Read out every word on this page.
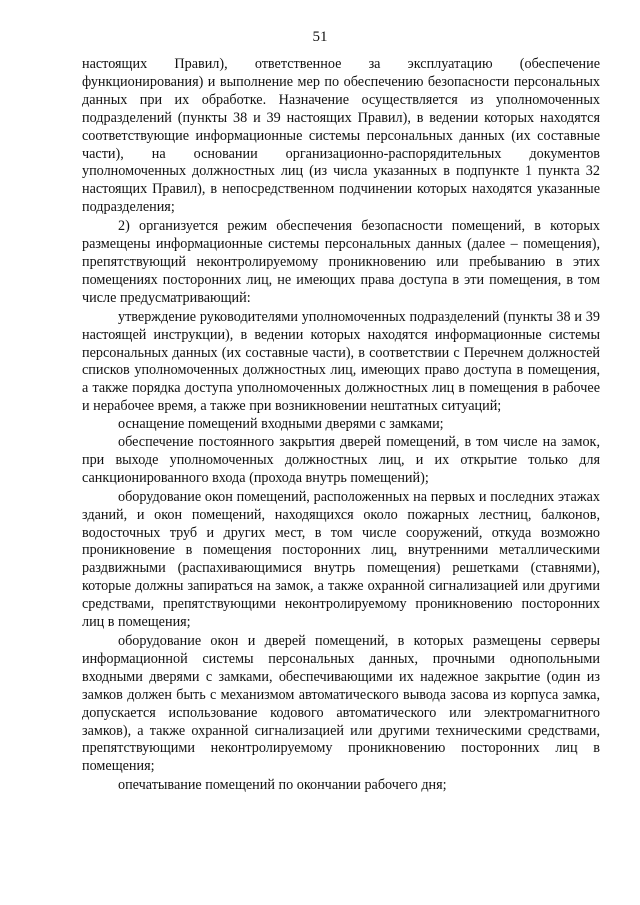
51

настоящих Правил), ответственное за эксплуатацию (обеспечение функционирования) и выполнение мер по обеспечению безопасности персональных данных при их обработке. Назначение осуществляется из уполномоченных подразделений (пункты 38 и 39 настоящих Правил), в ведении которых находятся соответствующие информационные системы персональных данных (их составные части), на основании организационно-распорядительных документов уполномоченных должностных лиц (из числа указанных в подпункте 1 пункта 32 настоящих Правил), в непосредственном подчинении которых находятся указанные подразделения;

2) организуется режим обеспечения безопасности помещений, в которых размещены информационные системы персональных данных (далее – помещения), препятствующий неконтролируемому проникновению или пребыванию в этих помещениях посторонних лиц, не имеющих права доступа в эти помещения, в том числе предусматривающий:

утверждение руководителями уполномоченных подразделений (пункты 38 и 39 настоящей инструкции), в ведении которых находятся информационные системы персональных данных (их составные части), в соответствии с Перечнем должностей списков уполномоченных должностных лиц, имеющих право доступа в помещения, а также порядка доступа уполномоченных должностных лиц в помещения в рабочее и нерабочее время, а также при возникновении нештатных ситуаций;

оснащение помещений входными дверями с замками;

обеспечение постоянного закрытия дверей помещений, в том числе на замок, при выходе уполномоченных должностных лиц, и их открытие только для санкционированного входа (прохода внутрь помещений);

оборудование окон помещений, расположенных на первых и последних этажах зданий, и окон помещений, находящихся около пожарных лестниц, балконов, водосточных труб и других мест, в том числе сооружений, откуда возможно проникновение в помещения посторонних лиц, внутренними металлическими раздвижными (распахивающимися внутрь помещения) решетками (ставнями), которые должны запираться на замок, а также охранной сигнализацией или другими средствами, препятствующими неконтролируемому проникновению посторонних лиц в помещения;

оборудование окон и дверей помещений, в которых размещены серверы информационной системы персональных данных, прочными однопольными входными дверями с замками, обеспечивающими их надежное закрытие (один из замков должен быть с механизмом автоматического вывода засова из корпуса замка, допускается использование кодового автоматического или электромагнитного замков), а также охранной сигнализацией или другими техническими средствами, препятствующими неконтролируемому проникновению посторонних лиц в помещения;

опечатывание помещений по окончании рабочего дня;
